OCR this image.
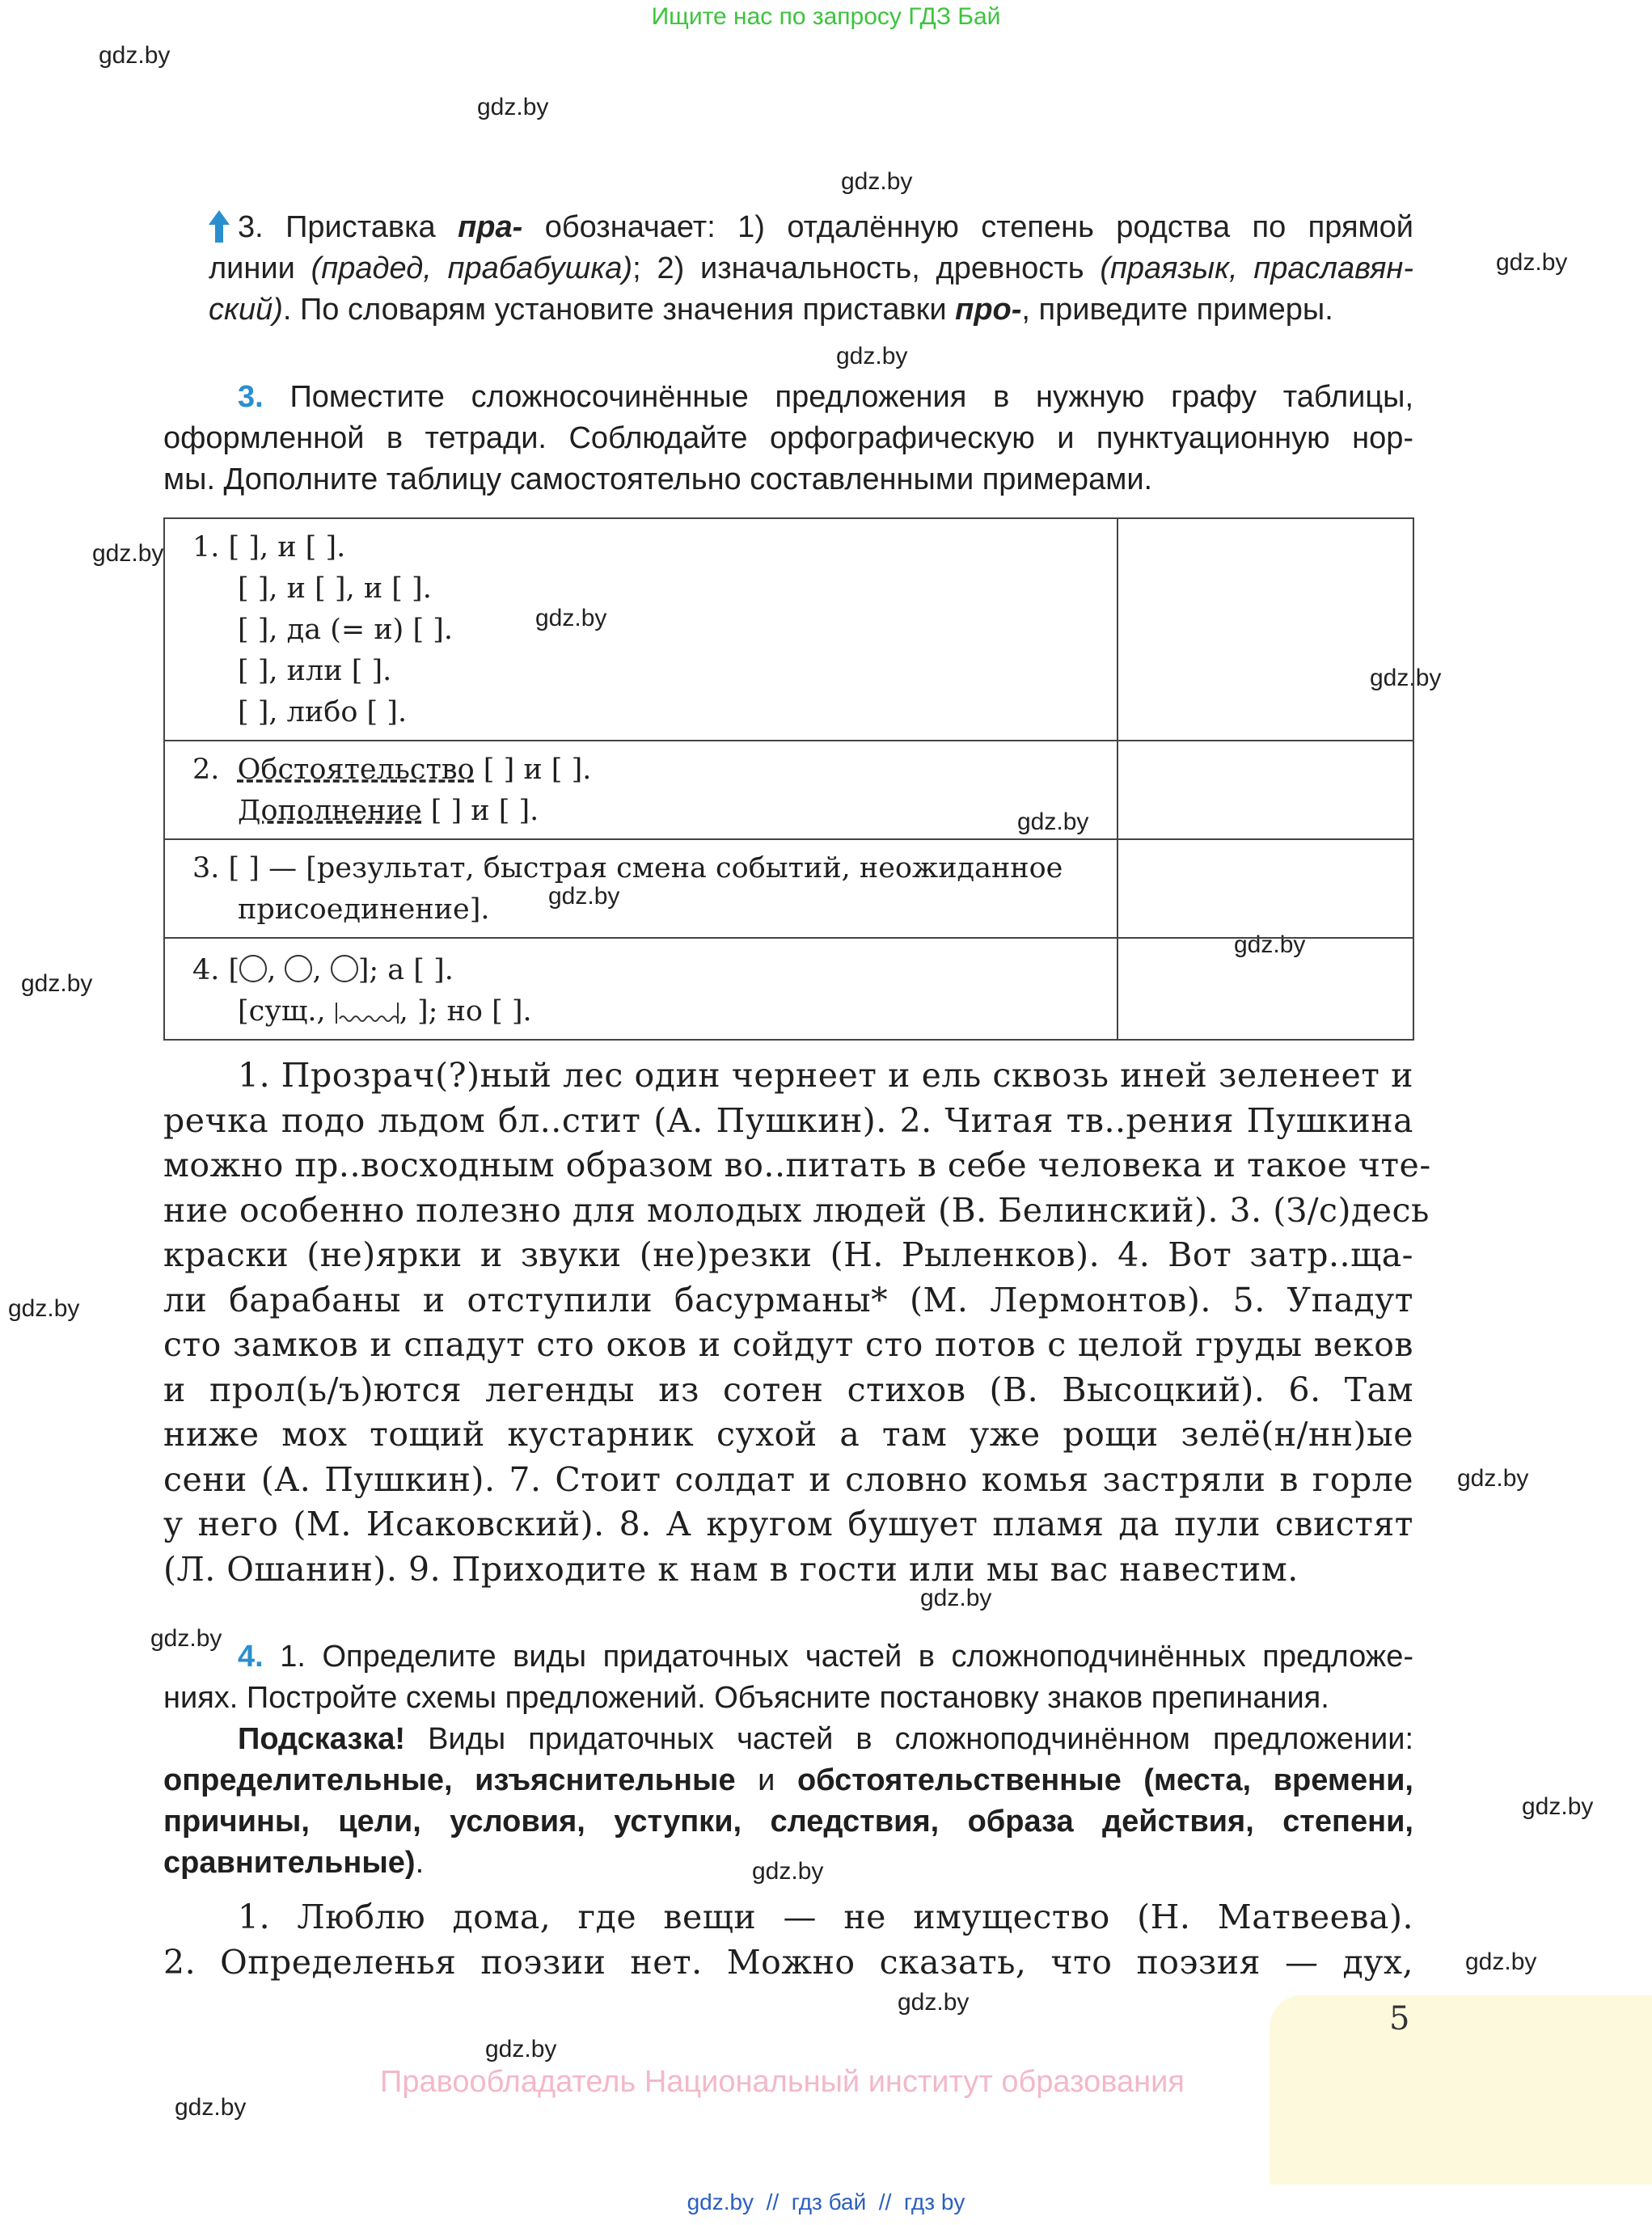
Ищите нас по запросу ГДЗ Бай
gdz.by
gdz.by
gdz.by
gdz.by
gdz.by
gdz.by
gdz.by
gdz.by
gdz.by
gdz.by
gdz.by
gdz.by
gdz.by
gdz.by
gdz.by
gdz.by
gdz.by
gdz.by
gdz.by
gdz.by
gdz.by
gdz.by
3. Приставка пра- обозначает: 1) отдалённую степень родства по прямой
линии (прадед, прабабушка); 2) изначальность, древность (праязык, праславян-
ский). По словарям установите значения приставки про-, приведите примеры.
3. Поместите сложносочинённые предложения в нужную графу таблицы,
оформленной в тетради. Соблюдайте орфографическую и пунктуационную нор-
мы. Дополните таблицу самостоятельно составленными примерами.
1. [ ], и [ ].
[ ], и [ ], и [ ].
[ ], да (= и) [ ].
[ ], или [ ].
[ ], либо [ ].	

2. Обстоятельство [ ] и [ ].
Дополнение [ ] и [ ].	

3. [ ] — [результат, быстрая смена событий, неожиданное
присоединение].	

4. [ , , ]; а [ ].
[сущ., , ]; но [ ].	

1. Прозрач(?)ный лес один чернеет и ель сквозь иней зеленеет и
речка подо льдом бл..стит (А. Пушкин). 2. Читая тв..рения Пушкина
можно пр..восходным образом во..питать в себе человека и такое чте-
ние особенно полезно для молодых людей (В. Белинский). 3. (З/с)десь
краски (не)ярки и звуки (не)резки (Н. Рыленков). 4. Вот затр..ща-
ли барабаны и отступили басурманы* (М. Лермонтов). 5. Упадут
сто замков и спадут сто оков и сойдут сто потов с целой груды веков
и прол(ь/ъ)ются легенды из сотен стихов (В. Высоцкий). 6. Там
ниже мох тощий кустарник сухой а там уже рощи зелё(н/нн)ые
сени (А. Пушкин). 7. Стоит солдат и словно комья застряли в горле
у него (М. Исаковский). 8. А кругом бушует пламя да пули свистят
(Л. Ошанин). 9. Приходите к нам в гости или мы вас навестим.
4. 1. Определите виды придаточных частей в сложноподчинённых предложе-
ниях. Постройте схемы предложений. Объясните постановку знаков препинания.
Подсказка! Виды придаточных частей в сложноподчинённом предложении:
определительные, изъяснительные и обстоятельственные (места, времени,
причины, цели, условия, уступки, следствия, образа действия, степени,
сравнительные).
1. Люблю дома, где вещи — не имущество (Н. Матвеева).
2. Определенья поэзии нет. Можно сказать, что поэзия — дух,
5
Правообладатель Национальный институт образования
gdz.by  //  гдз бай  //  гдз by
